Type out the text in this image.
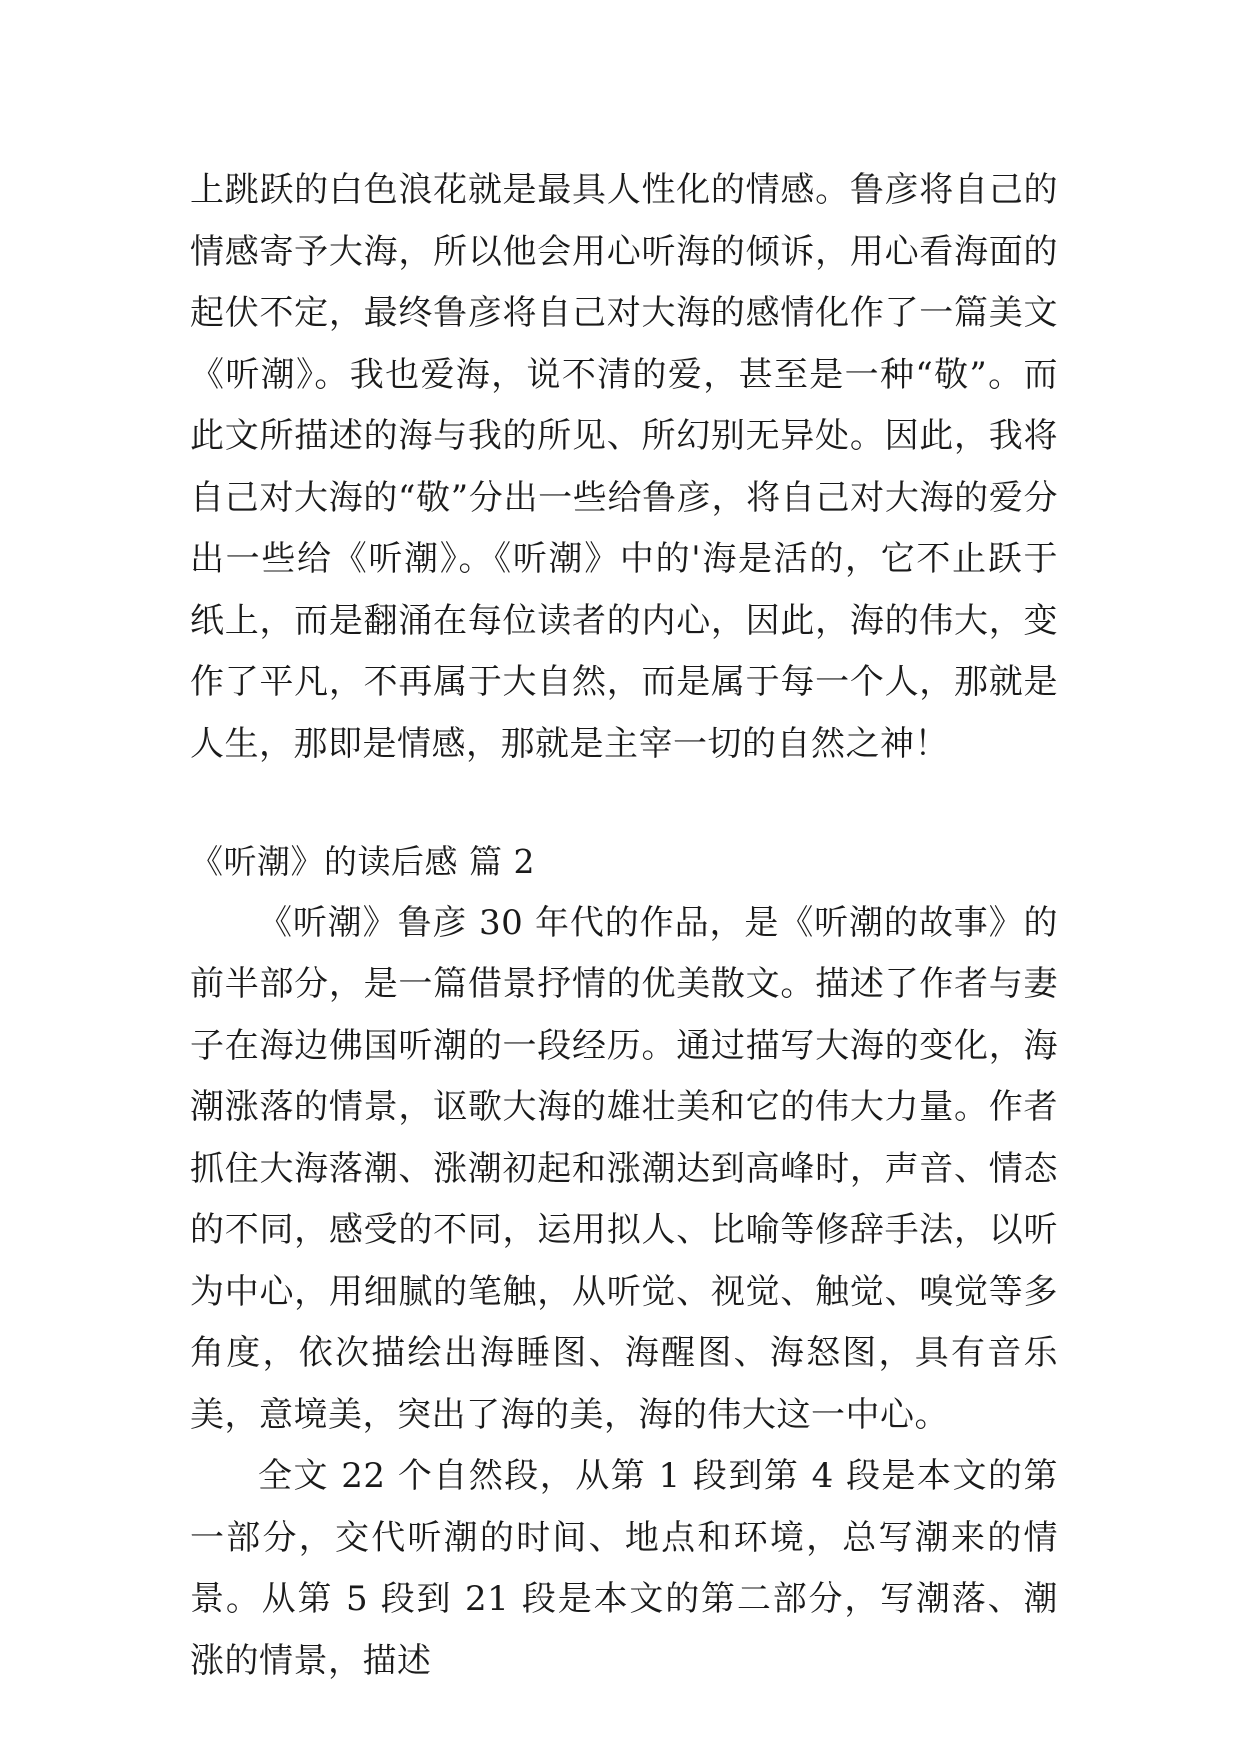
上跳跃的白色浪花就是最具人性化的情感。鲁彦将自己的情感寄予大海，所以他会用心听海的倾诉，用心看海面的起伏不定，最终鲁彦将自己对大海的感情化作了一篇美文《听潮》。我也爱海，说不清的爱，甚至是一种“敬”。而此文所描述的海与我的所见、所幻别无异处。因此，我将自己对大海的“敬”分出一些给鲁彦，将自己对大海的爱分出一些给《听潮》。《听潮》中的'海是活的，它不止跃于纸上，而是翻涌在每位读者的内心，因此，海的伟大，变作了平凡，不再属于大自然，而是属于每一个人，那就是人生，那即是情感，那就是主宰一切的自然之神！

《听潮》的读后感 篇 2

《听潮》鲁彦 30 年代的作品，是《听潮的故事》的前半部分，是一篇借景抒情的优美散文。描述了作者与妻子在海边佛国听潮的一段经历。通过描写大海的变化，海潮涨落的情景，讴歌大海的雄壮美和它的伟大力量。作者抓住大海落潮、涨潮初起和涨潮达到高峰时，声音、情态的不同，感受的不同，运用拟人、比喻等修辞手法，以听为中心，用细腻的笔触，从听觉、视觉、触觉、嗅觉等多角度，依次描绘出海睡图、海醒图、海怒图，具有音乐美，意境美，突出了海的美，海的伟大这一中心。

全文 22 个自然段，从第 1 段到第 4 段是本文的第一部分，交代听潮的时间、地点和环境，总写潮来的情景。从第 5 段到 21 段是本文的第二部分，写潮落、潮涨的情景，描述
